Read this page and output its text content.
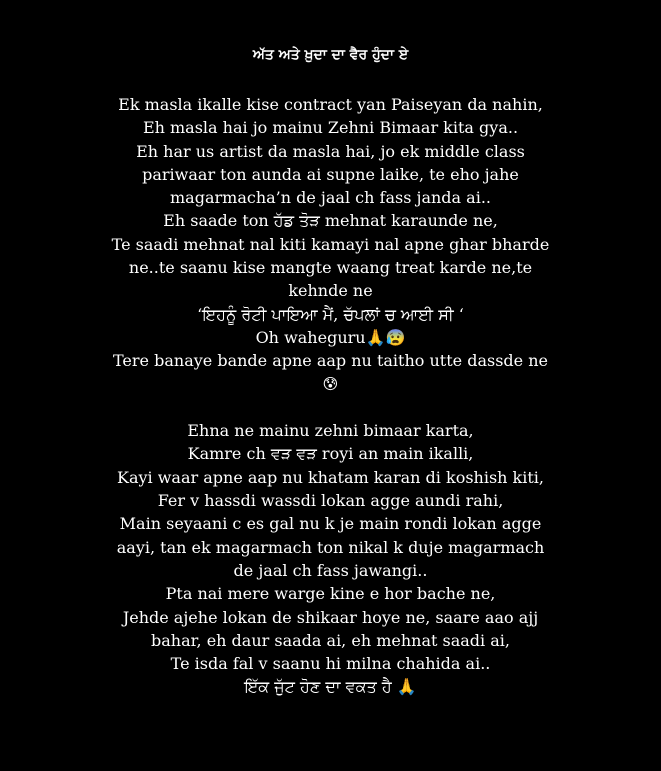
ਅੱਤ ਅਤੇ ਖ਼ੁਦਾ ਦਾ ਵੈਰ ਹੁੰਦਾ ਏ
Ek masla ikalle kise contract yan Paiseyan da nahin,
Eh masla hai jo mainu Zehni Bimaar kita gya..
Eh har us artist da masla hai, jo ek middle class
pariwaar ton aunda ai supne laike, te eho jahe
magarmacha’n de jaal ch fass janda ai..
Eh saade ton ਹੱਡ ਤੋੜ mehnat karaunde ne,
Te saadi mehnat nal kiti kamayi nal apne ghar bharde
ne..te saanu kise mangte waang treat karde ne,te
kehnde ne
‘ਇਹਨੂੰ ਰੋਟੀ ਪਾਇਆ ਮੈਂ, ਚੱਪਲਾਂ ਚ ਆਈ ਸੀ ‘
Oh waheguru🙏😰
Tere banaye bande apne aap nu taitho utte dassde ne
😰
Ehna ne mainu zehni bimaar karta,
Kamre ch ਵੜ ਵੜ royi an main ikalli,
Kayi waar apne aap nu khatam karan di koshish kiti,
Fer v hassdi wassdi lokan agge aundi rahi,
Main seyaani c es gal nu k je main rondi lokan agge
aayi, tan ek magarmach ton nikal k duje magarmach
de jaal ch fass jawangi..
Pta nai mere warge kine e hor bache ne,
Jehde ajehe lokan de shikaar hoye ne, saare aao ajj
bahar, eh daur saada ai, eh mehnat saadi ai,
Te isda fal v saanu hi milna chahida ai..
ਇੱਕ ਜੁੱਟ ਹੋਣ ਦਾ ਵਕਤ ਹੈ 🙏
